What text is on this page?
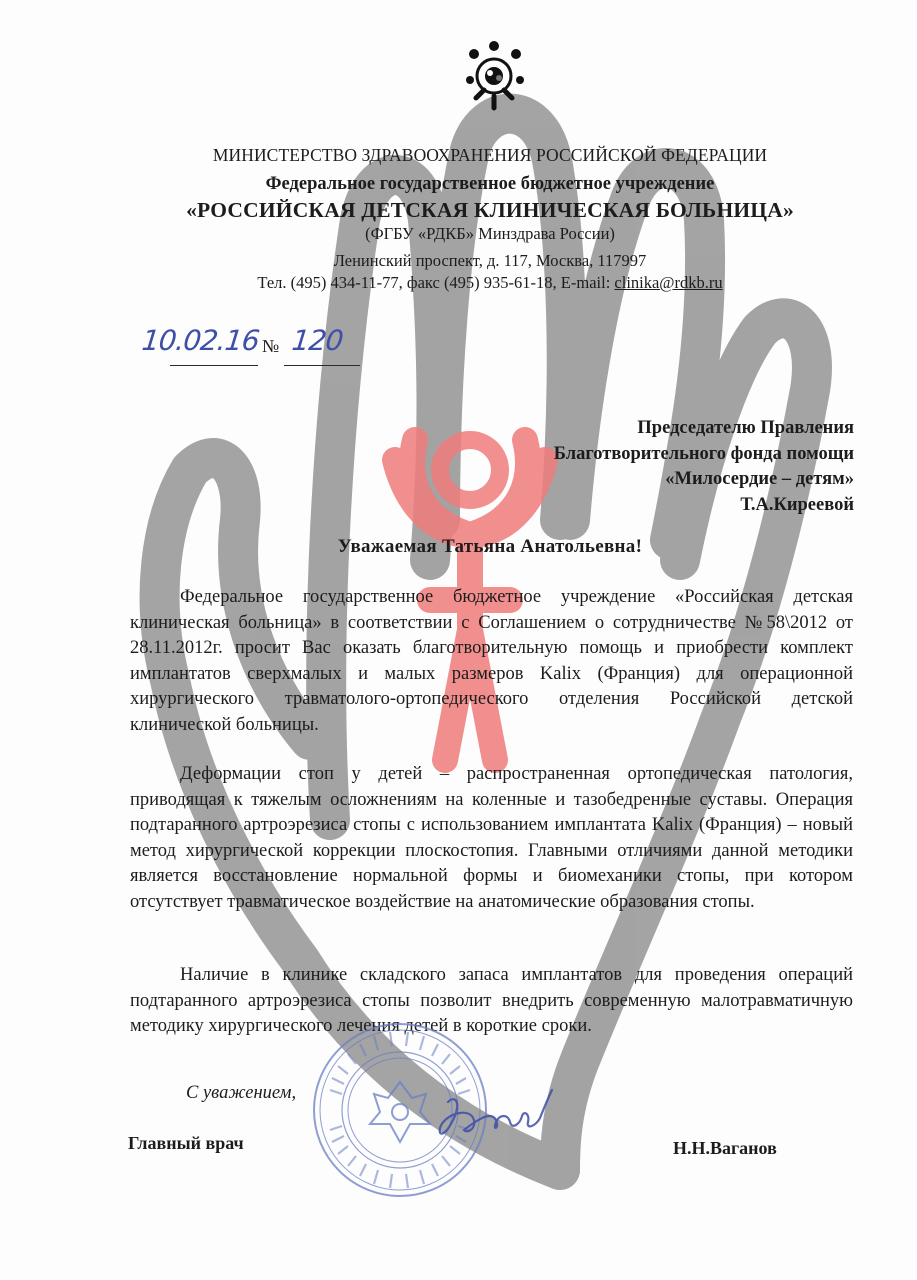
МИНИСТЕРСТВО ЗДРАВООХРАНЕНИЯ РОССИЙСКОЙ ФЕДЕРАЦИИ
Федеральное государственное бюджетное учреждение
«РОССИЙСКАЯ ДЕТСКАЯ КЛИНИЧЕСКАЯ БОЛЬНИЦА»
(ФГБУ «РДКБ» Минздрава России)
Ленинский проспект, д. 117, Москва, 117997
Тел. (495) 434-11-77, факс (495) 935-61-18, E-mail: clinika@rdkb.ru
10.02.16 № 120
Председателю Правления
Благотворительного фонда помощи
«Милосердие – детям»
Т.А.Киреевой
Уважаемая Татьяна Анатольевна!

Федеральное государственное бюджетное учреждение «Российская детская клиническая больница» в соответствии с Соглашением о сотрудничестве №58\2012 от 28.11.2012г. просит Вас оказать благотворительную помощь и приобрести комплект имплантатов сверхмалых и малых размеров Kalix (Франция) для операционной хирургического травматолого-ортопедического отделения Российской детской клинической больницы.

Деформации стоп у детей – распространенная ортопедическая патология, приводящая к тяжелым осложнениям на коленные и тазобедренные суставы. Операция подтаранного артроэрезиса стопы с использованием имплантата Kalix (Франция) – новый метод хирургической коррекции плоскостопия. Главными отличиями данной методики является восстановление нормальной формы и биомеханики стопы, при котором отсутствует травматическое воздействие на анатомические образования стопы.

Наличие в клинике складского запаса имплантатов для проведения операций подтаранного артроэрезиса стопы позволит внедрить современную малотравматичную методику хирургического лечения детей в короткие сроки.

С уважением,
Главный врач	Н.Н.Ваганов
